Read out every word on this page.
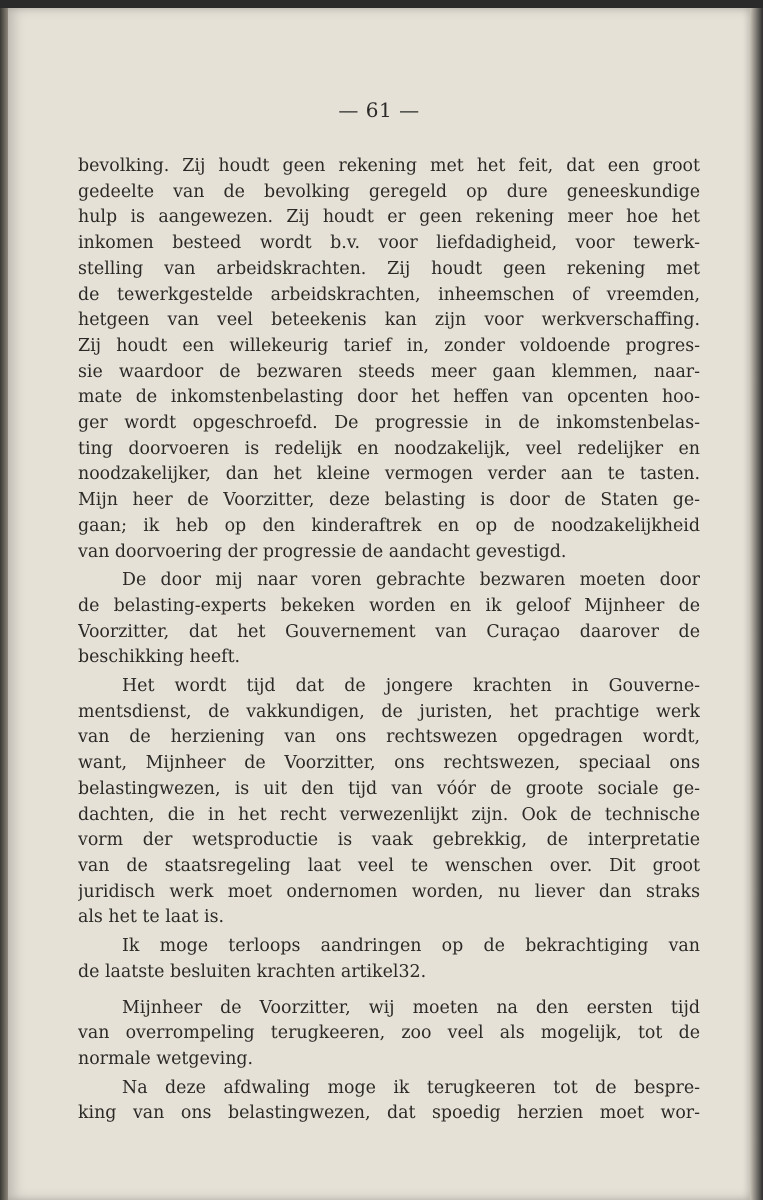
— 61 —
bevolking. Zij houdt geen rekening met het feit, dat een groot
gedeelte van de bevolking geregeld op dure geneeskundige
hulp is aangewezen. Zij houdt er geen rekening meer hoe het
inkomen besteed wordt b.v. voor liefdadigheid, voor tewerk-
stelling van arbeidskrachten. Zij houdt geen rekening met
de tewerkgestelde arbeidskrachten, inheemschen of vreemden,
hetgeen van veel beteekenis kan zijn voor werkverschaffing.
Zij houdt een willekeurig tarief in, zonder voldoende progres-
sie waardoor de bezwaren steeds meer gaan klemmen, naar-
mate de inkomstenbelasting door het heffen van opcenten hoo-
ger wordt opgeschroefd. De progressie in de inkomstenbelas-
ting doorvoeren is redelijk en noodzakelijk, veel redelijker en
noodzakelijker, dan het kleine vermogen verder aan te tasten.
Mijn heer de Voorzitter, deze belasting is door de Staten ge-
gaan; ik heb op den kinderaftrek en op de noodzakelijkheid
van doorvoering der progressie de aandacht gevestigd.
De door mij naar voren gebrachte bezwaren moeten door
de belasting-experts bekeken worden en ik geloof Mijnheer de
Voorzitter, dat het Gouvernement van Curaçao daarover de
beschikking heeft.
Het wordt tijd dat de jongere krachten in Gouverne-
mentsdienst, de vakkundigen, de juristen, het prachtige werk
van de herziening van ons rechtswezen opgedragen wordt,
want, Mijnheer de Voorzitter, ons rechtswezen, speciaal ons
belastingwezen, is uit den tijd van vóór de groote sociale ge-
dachten, die in het recht verwezenlijkt zijn. Ook de technische
vorm der wetsproductie is vaak gebrekkig, de interpretatie
van de staatsregeling laat veel te wenschen over. Dit groot
juridisch werk moet ondernomen worden, nu liever dan straks
als het te laat is.
Ik moge terloops aandringen op de bekrachtiging van
de laatste besluiten krachten artikel32.
Mijnheer de Voorzitter, wij moeten na den eersten tijd
van overrompeling terugkeeren, zoo veel als mogelijk, tot de
normale wetgeving.
Na deze afdwaling moge ik terugkeeren tot de bespre-
king van ons belastingwezen, dat spoedig herzien moet wor-
